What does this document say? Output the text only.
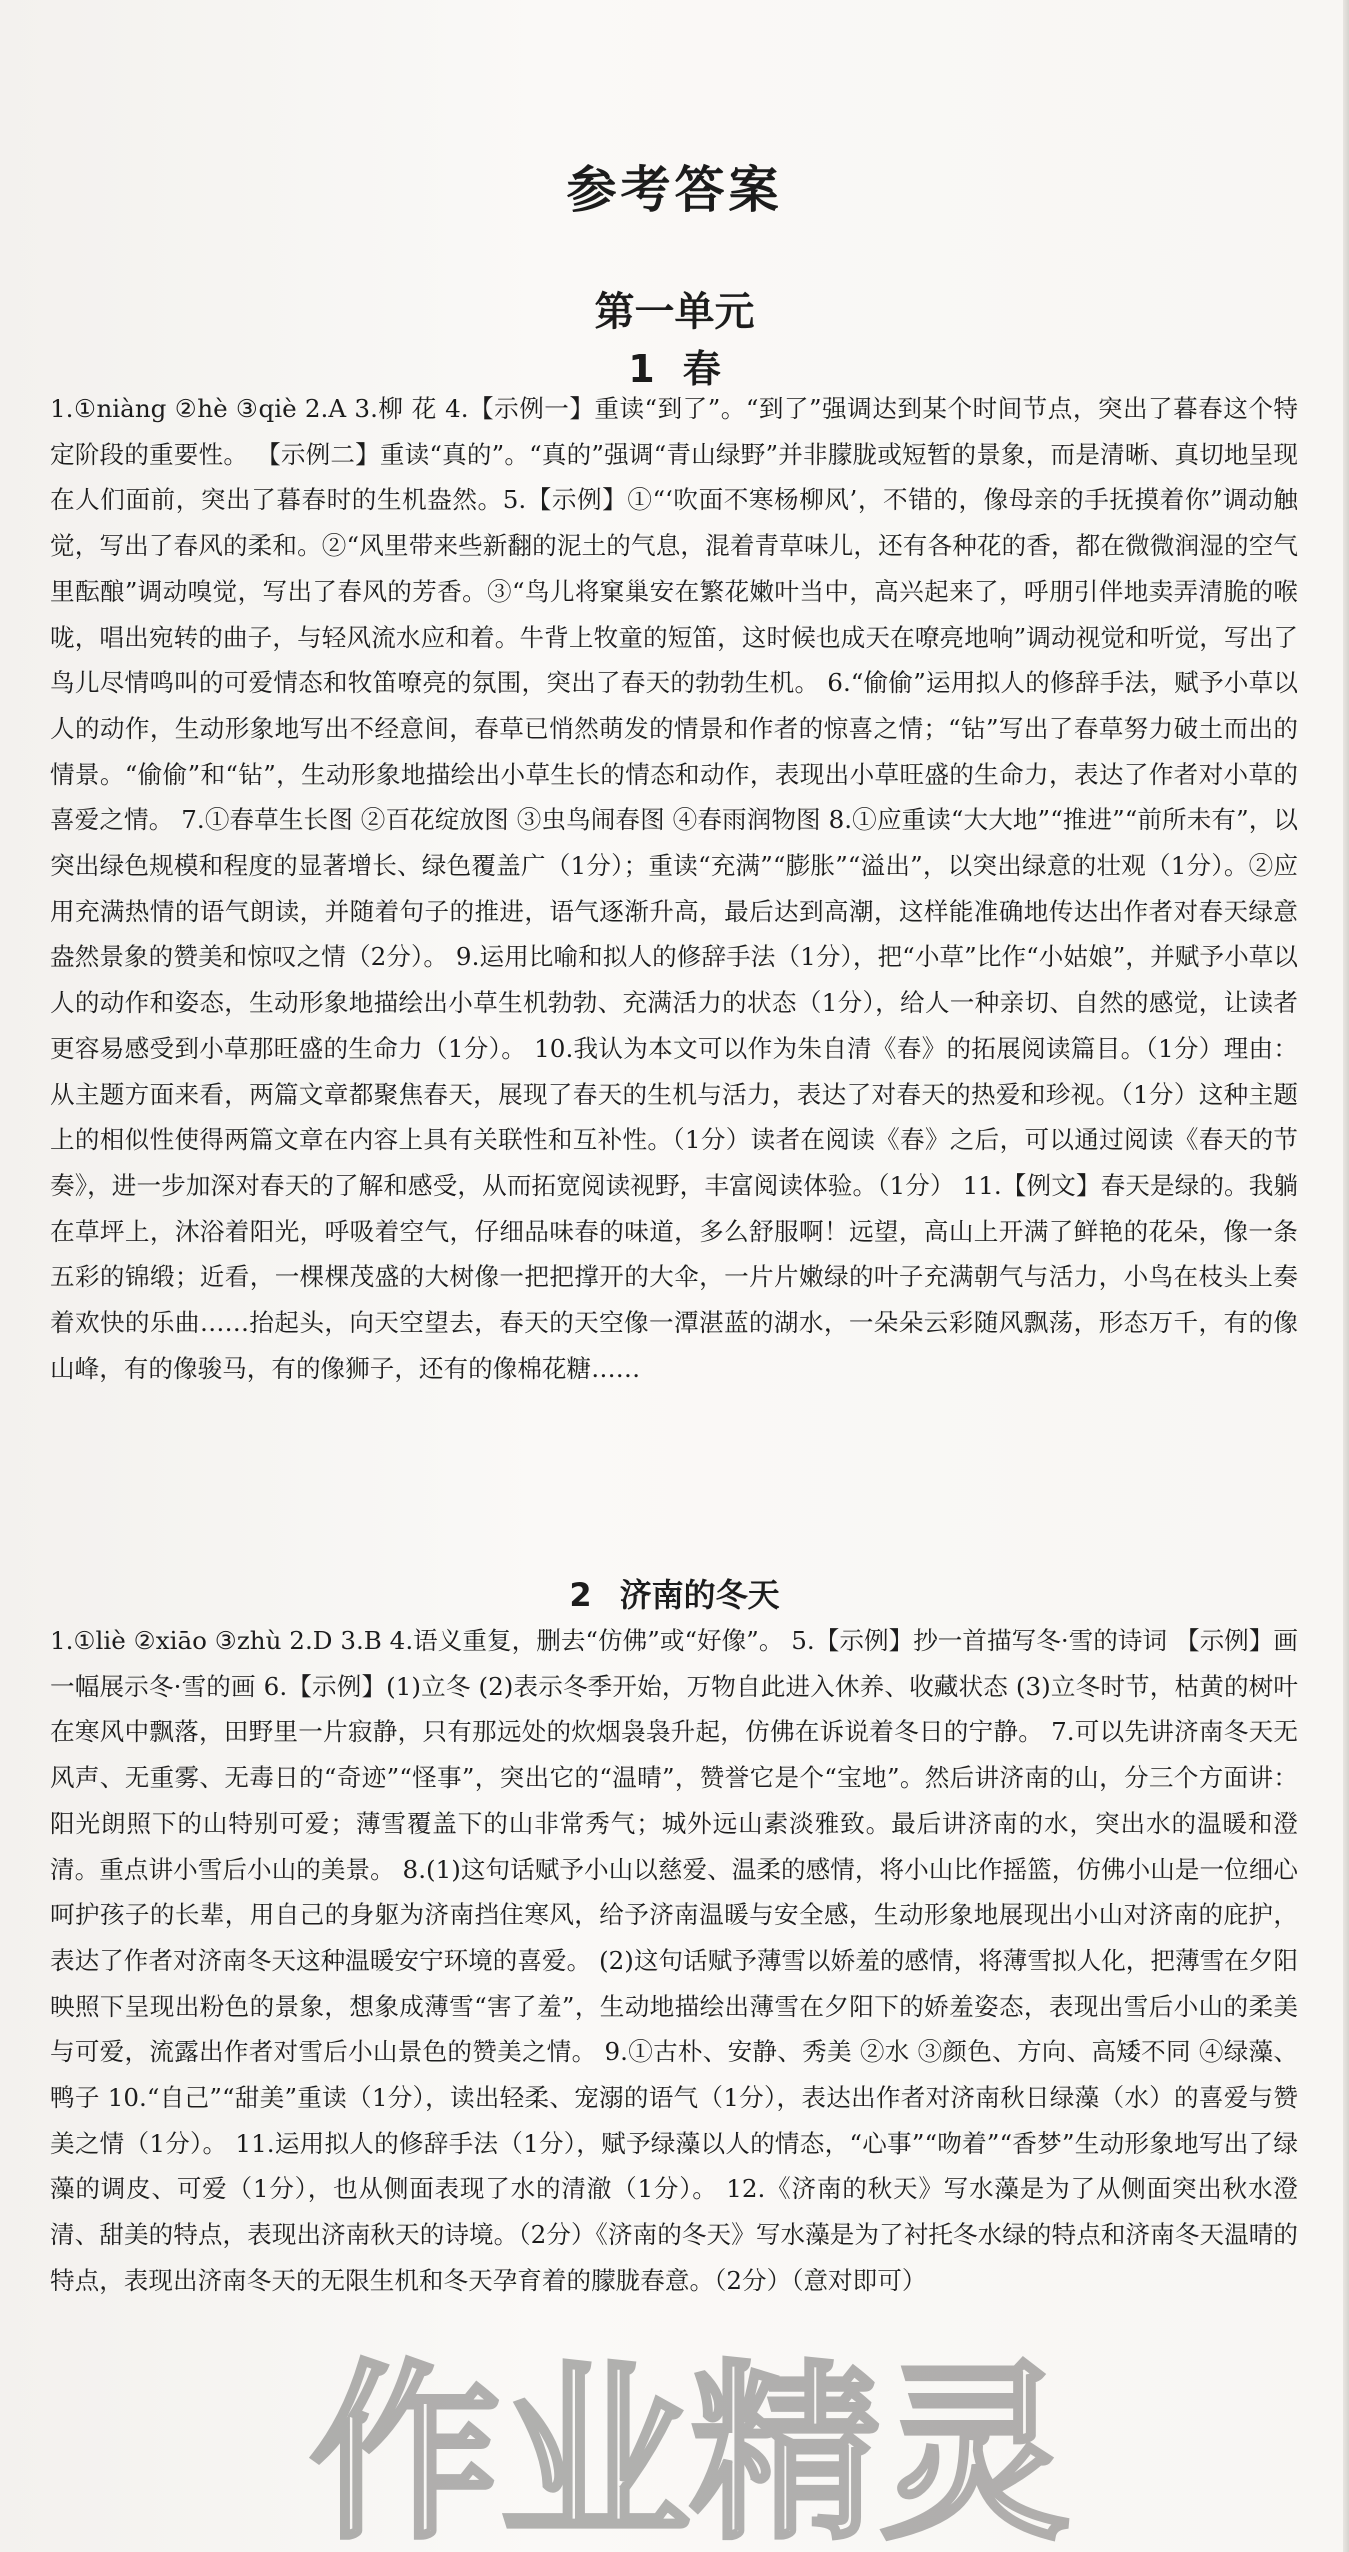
参考答案
第一单元
1 春
1.①niàng ②hè ③qiè 2.A 3.柳 花 4.【示例一】重读“到了”。“到了”强调达到某个时间节点，突出了暮春这个特定阶段的重要性。 【示例二】重读“真的”。“真的”强调“青山绿野”并非朦胧或短暂的景象，而是清晰、真切地呈现在人们面前，突出了暮春时的生机盎然。5.【示例】①“‘吹面不寒杨柳风’，不错的，像母亲的手抚摸着你”调动触觉，写出了春风的柔和。②“风里带来些新翻的泥土的气息，混着青草味儿，还有各种花的香，都在微微润湿的空气里酝酿”调动嗅觉，写出了春风的芳香。③“鸟儿将窠巢安在繁花嫩叶当中，高兴起来了，呼朋引伴地卖弄清脆的喉咙，唱出宛转的曲子，与轻风流水应和着。牛背上牧童的短笛，这时候也成天在嘹亮地响”调动视觉和听觉，写出了鸟儿尽情鸣叫的可爱情态和牧笛嘹亮的氛围，突出了春天的勃勃生机。 6.“偷偷”运用拟人的修辞手法，赋予小草以人的动作，生动形象地写出不经意间，春草已悄然萌发的情景和作者的惊喜之情；“钻”写出了春草努力破土而出的情景。“偷偷”和“钻”，生动形象地描绘出小草生长的情态和动作，表现出小草旺盛的生命力，表达了作者对小草的喜爱之情。 7.①春草生长图 ②百花绽放图 ③虫鸟闹春图 ④春雨润物图 8.①应重读“大大地”“推进”“前所未有”，以突出绿色规模和程度的显著增长、绿色覆盖广（1分）；重读“充满”“膨胀”“溢出”，以突出绿意的壮观（1分）。②应用充满热情的语气朗读，并随着句子的推进，语气逐渐升高，最后达到高潮，这样能准确地传达出作者对春天绿意盎然景象的赞美和惊叹之情（2分）。 9.运用比喻和拟人的修辞手法（1分），把“小草”比作“小姑娘”，并赋予小草以人的动作和姿态，生动形象地描绘出小草生机勃勃、充满活力的状态（1分），给人一种亲切、自然的感觉，让读者更容易感受到小草那旺盛的生命力（1分）。 10.我认为本文可以作为朱自清《春》的拓展阅读篇目。（1分）理由：从主题方面来看，两篇文章都聚焦春天，展现了春天的生机与活力，表达了对春天的热爱和珍视。（1分）这种主题上的相似性使得两篇文章在内容上具有关联性和互补性。（1分）读者在阅读《春》之后，可以通过阅读《春天的节奏》，进一步加深对春天的了解和感受，从而拓宽阅读视野，丰富阅读体验。（1分） 11.【例文】春天是绿的。我躺在草坪上，沐浴着阳光，呼吸着空气，仔细品味春的味道，多么舒服啊！远望，高山上开满了鲜艳的花朵，像一条五彩的锦缎；近看，一棵棵茂盛的大树像一把把撑开的大伞，一片片嫩绿的叶子充满朝气与活力，小鸟在枝头上奏着欢快的乐曲……抬起头，向天空望去，春天的天空像一潭湛蓝的湖水，一朵朵云彩随风飘荡，形态万千，有的像山峰，有的像骏马，有的像狮子，还有的像棉花糖……
2 济南的冬天
1.①liè ②xiāo ③zhù 2.D 3.B 4.语义重复，删去“仿佛”或“好像”。 5.【示例】抄一首描写冬·雪的诗词 【示例】画一幅展示冬·雪的画 6.【示例】(1)立冬 (2)表示冬季开始，万物自此进入休养、收藏状态 (3)立冬时节，枯黄的树叶在寒风中飘落，田野里一片寂静，只有那远处的炊烟袅袅升起，仿佛在诉说着冬日的宁静。 7.可以先讲济南冬天无风声、无重雾、无毒日的“奇迹”“怪事”，突出它的“温晴”，赞誉它是个“宝地”。然后讲济南的山，分三个方面讲：阳光朗照下的山特别可爱；薄雪覆盖下的山非常秀气；城外远山素淡雅致。最后讲济南的水，突出水的温暖和澄清。重点讲小雪后小山的美景。 8.(1)这句话赋予小山以慈爱、温柔的感情，将小山比作摇篮，仿佛小山是一位细心呵护孩子的长辈，用自己的身躯为济南挡住寒风，给予济南温暖与安全感，生动形象地展现出小山对济南的庇护，表达了作者对济南冬天这种温暖安宁环境的喜爱。 (2)这句话赋予薄雪以娇羞的感情，将薄雪拟人化，把薄雪在夕阳映照下呈现出粉色的景象，想象成薄雪“害了羞”，生动地描绘出薄雪在夕阳下的娇羞姿态，表现出雪后小山的柔美与可爱，流露出作者对雪后小山景色的赞美之情。 9.①古朴、安静、秀美 ②水 ③颜色、方向、高矮不同 ④绿藻、鸭子 10.“自己”“甜美”重读（1分），读出轻柔、宠溺的语气（1分），表达出作者对济南秋日绿藻（水）的喜爱与赞美之情（1分）。 11.运用拟人的修辞手法（1分），赋予绿藻以人的情态，“心事”“吻着”“香梦”生动形象地写出了绿藻的调皮、可爱（1分），也从侧面表现了水的清澈（1分）。 12.《济南的秋天》写水藻是为了从侧面突出秋水澄清、甜美的特点，表现出济南秋天的诗境。（2分）《济南的冬天》写水藻是为了衬托冬水绿的特点和济南冬天温晴的特点，表现出济南冬天的无限生机和冬天孕育着的朦胧春意。（2分）（意对即可）
作业精灵
